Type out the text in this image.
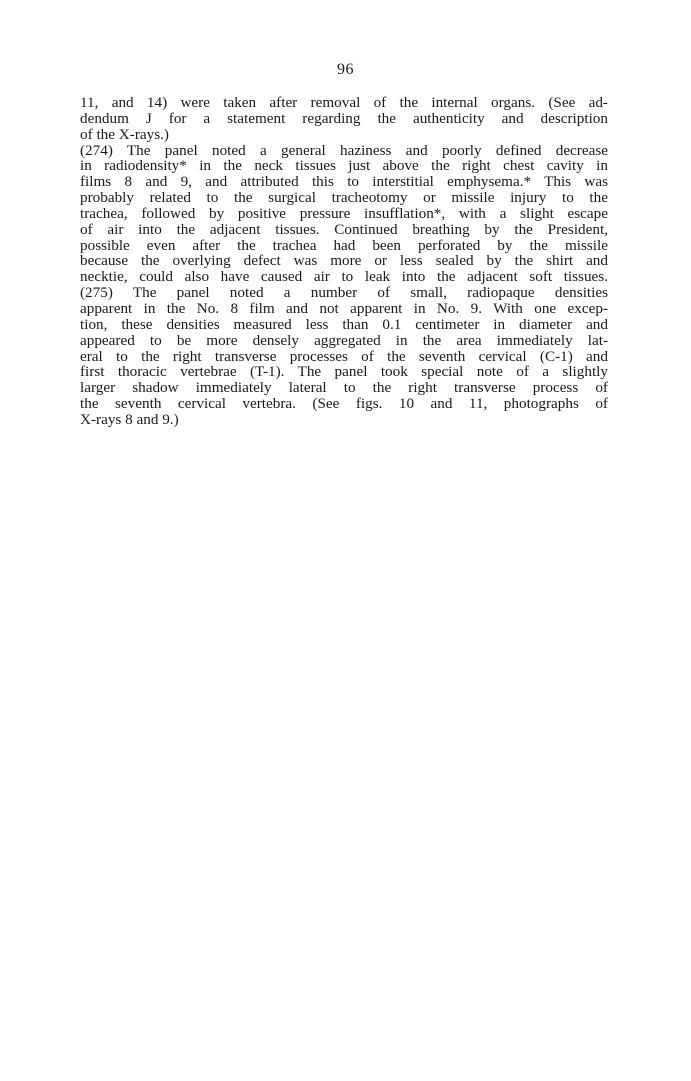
96
11, and 14) were taken after removal of the internal organs. (See ad-
dendum J for a statement regarding the authenticity and description
of the X-rays.)
(274) The panel noted a general haziness and poorly defined decrease
in radiodensity* in the neck tissues just above the right chest cavity in
films 8 and 9, and attributed this to interstitial emphysema.* This was
probably related to the surgical tracheotomy or missile injury to the
trachea, followed by positive pressure insufflation*, with a slight escape
of air into the adjacent tissues. Continued breathing by the President,
possible even after the trachea had been perforated by the missile
because the overlying defect was more or less sealed by the shirt and
necktie, could also have caused air to leak into the adjacent soft tissues.
(275) The panel noted a number of small, radiopaque densities
apparent in the No. 8 film and not apparent in No. 9. With one excep-
tion, these densities measured less than 0.1 centimeter in diameter and
appeared to be more densely aggregated in the area immediately lat-
eral to the right transverse processes of the seventh cervical (C-1) and
first thoracic vertebrae (T-1). The panel took special note of a slightly
larger shadow immediately lateral to the right transverse process of
the seventh cervical vertebra. (See figs. 10 and 11, photographs of
X-rays 8 and 9.)
